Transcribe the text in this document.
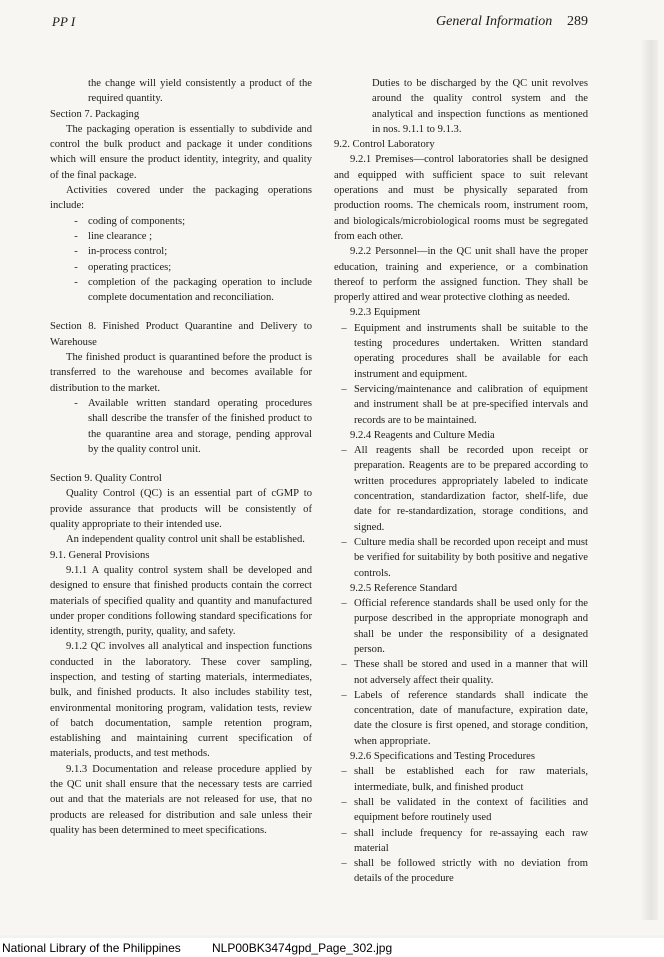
PP I	General Information 289

the change will yield consistently a product of the required quantity.

Section 7. Packaging

The packaging operation is essentially to subdivide and control the bulk product and package it under conditions which will ensure the product identity, integrity, and quality of the final package.

Activities covered under the packaging operations include:

- coding of components;
- line clearance ;
- in-process control;
- operating practices;
- completion of the packaging operation to include complete documentation and reconciliation.

Section 8. Finished Product Quarantine and Delivery to Warehouse

The finished product is quarantined before the product is transferred to the warehouse and becomes available for distribution to the market.

- Available written standard operating procedures shall describe the transfer of the finished product to the quarantine area and storage, pending approval by the quality control unit.

Section 9. Quality Control

Quality Control (QC) is an essential part of cGMP to provide assurance that products will be consistently of quality appropriate to their intended use.

An independent quality control unit shall be established.

9.1. General Provisions

9.1.1 A quality control system shall be developed and designed to ensure that finished products contain the correct materials of specified quality and quantity and manufactured under proper conditions following standard specifications for identity, strength, purity, quality, and safety.

9.1.2 QC involves all analytical and inspection functions conducted in the laboratory. These cover sampling, inspection, and testing of starting materials, intermediates, bulk, and finished products. It also includes stability test, environmental monitoring program, validation tests, review of batch documentation, sample retention program, establishing and maintaining current specification of materials, products, and test methods.

9.1.3 Documentation and release procedure applied by the QC unit shall ensure that the necessary tests are carried out and that the materials are not released for use, that no products are released for distribution and sale unless their quality has been determined to meet specifications.

Duties to be discharged by the QC unit revolves around the quality control system and the analytical and inspection functions as mentioned in nos. 9.1.1 to 9.1.3.

9.2. Control Laboratory

9.2.1 Premises—control laboratories shall be designed and equipped with sufficient space to suit relevant operations and must be physically separated from production rooms. The chemicals room, instrument room, and biologicals/microbiological rooms must be segregated from each other.

9.2.2 Personnel—in the QC unit shall have the proper education, training and experience, or a combination thereof to perform the assigned function. They shall be properly attired and wear protective clothing as needed.

9.2.3 Equipment

– Equipment and instruments shall be suitable to the testing procedures undertaken. Written standard operating procedures shall be available for each instrument and equipment.
– Servicing/maintenance and calibration of equipment and instrument shall be at pre-specified intervals and records are to be maintained.

9.2.4 Reagents and Culture Media

– All reagents shall be recorded upon receipt or preparation. Reagents are to be prepared according to written procedures appropriately labeled to indicate concentration, standardization factor, shelf-life, due date for re-standardization, storage conditions, and signed.
– Culture media shall be recorded upon receipt and must be verified for suitability by both positive and negative controls.

9.2.5 Reference Standard

– Official reference standards shall be used only for the purpose described in the appropriate monograph and shall be under the responsibility of a designated person.
– These shall be stored and used in a manner that will not adversely affect their quality.
– Labels of reference standards shall indicate the concentration, date of manufacture, expiration date, date the closure is first opened, and storage condition, when appropriate.

9.2.6 Specifications and Testing Procedures

– shall be established each for raw materials, intermediate, bulk, and finished product
– shall be validated in the context of facilities and equipment before routinely used
– shall include frequency for re-assaying each raw material
– shall be followed strictly with no deviation from details of the procedure
National Library of the Philippines	NLP00BK3474gpd_Page_302.jpg
